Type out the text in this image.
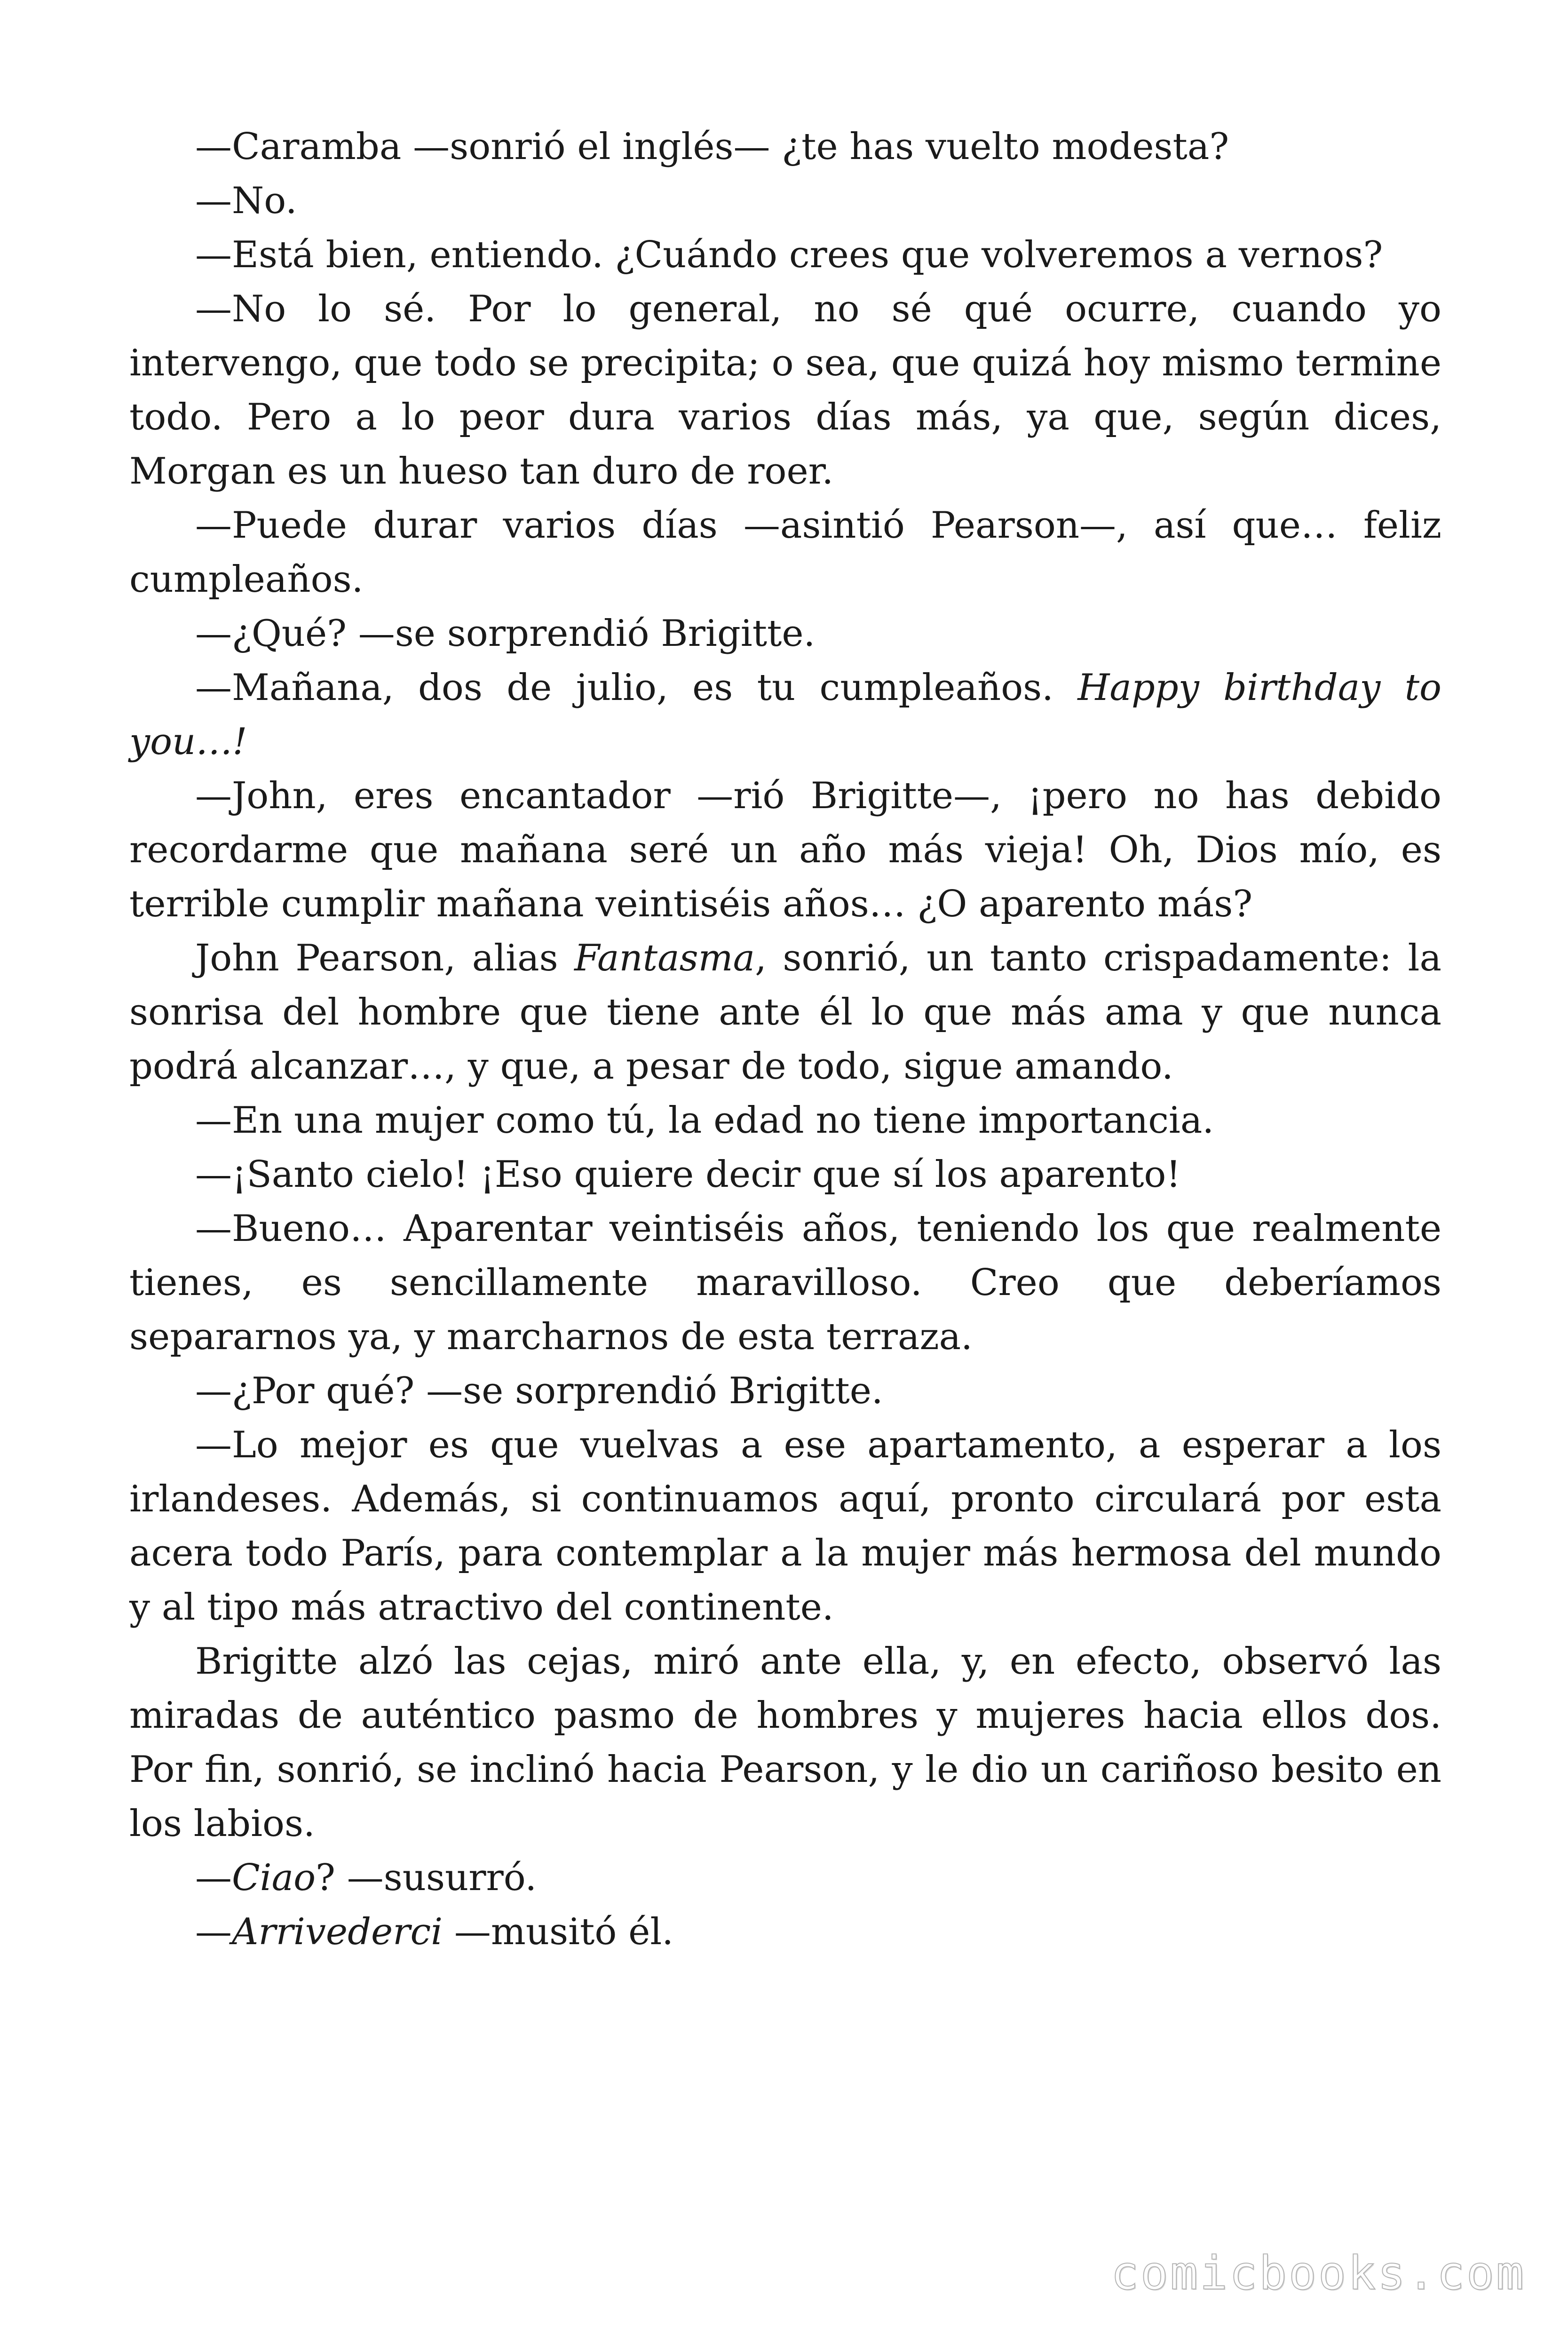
—Caramba —sonrió el inglés— ¿te has vuelto modesta?

—No.

—Está bien, entiendo. ¿Cuándo crees que volveremos a vernos?

—No lo sé. Por lo general, no sé qué ocurre, cuando yo intervengo, que todo se precipita; o sea, que quizá hoy mismo termine todo. Pero a lo peor dura varios días más, ya que, según dices, Morgan es un hueso tan duro de roer.

—Puede durar varios días —asintió Pearson—, así que… feliz cumpleaños.

—¿Qué? —se sorprendió Brigitte.

—Mañana, dos de julio, es tu cumpleaños. Happy birthday to you…!

—John, eres encantador —rió Brigitte—, ¡pero no has debido recordarme que mañana seré un año más vieja! Oh, Dios mío, es terrible cumplir mañana veintiséis años… ¿O aparento más?

John Pearson, alias Fantasma, sonrió, un tanto crispadamente: la sonrisa del hombre que tiene ante él lo que más ama y que nunca podrá alcanzar…, y que, a pesar de todo, sigue amando.

—En una mujer como tú, la edad no tiene importancia.

—¡Santo cielo! ¡Eso quiere decir que sí los aparento!

—Bueno… Aparentar veintiséis años, teniendo los que realmente tienes, es sencillamente maravilloso. Creo que deberíamos separarnos ya, y marcharnos de esta terraza.

—¿Por qué? —se sorprendió Brigitte.

—Lo mejor es que vuelvas a ese apartamento, a esperar a los irlandeses. Además, si continuamos aquí, pronto circulará por esta acera todo París, para contemplar a la mujer más hermosa del mundo y al tipo más atractivo del continente.

Brigitte alzó las cejas, miró ante ella, y, en efecto, observó las miradas de auténtico pasmo de hombres y mujeres hacia ellos dos. Por fin, sonrió, se inclinó hacia Pearson, y le dio un cariñoso besito en los labios.

—Ciao? —susurró.

—Arrivederci —musitó él.

comicbooks.com
